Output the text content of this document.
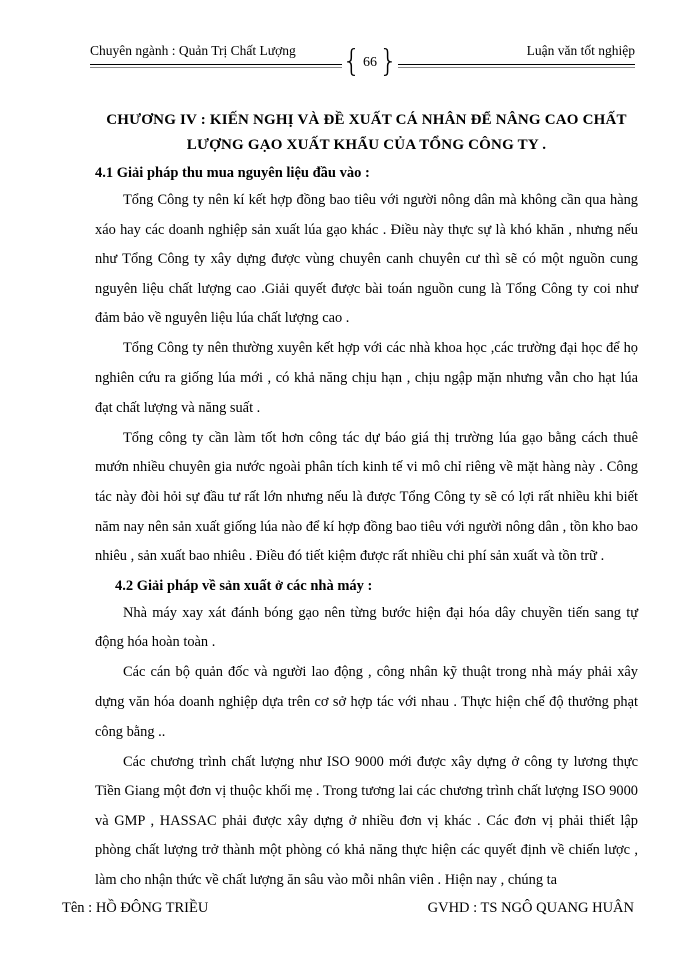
Chuyên ngành : Quản Trị Chất Lượng	Luận văn tốt nghiệp
{ 66 }
CHƯƠNG IV : KIẾN NGHỊ VÀ ĐỀ XUẤT CÁ NHÂN ĐỂ NÂNG CAO CHẤT
LƯỢNG GẠO XUẤT KHẨU CỦA TỔNG CÔNG TY .
4.1 Giải pháp thu mua nguyên liệu đầu vào :

Tổng Công ty nên kí kết hợp đồng bao tiêu với người nông dân mà không cần qua hàng xáo hay các doanh nghiệp sản xuất lúa gạo khác . Điều này thực sự là khó khăn , nhưng nếu như Tổng Công ty xây dựng được vùng chuyên canh chuyên cư thì sẽ có một nguồn cung nguyên liệu chất lượng cao .Giải quyết được bài toán nguồn cung là Tổng Công ty coi như đảm bảo về nguyên liệu lúa chất lượng cao .

Tổng Công ty nên thường xuyên kết hợp với các nhà khoa học ,các trường đại học để họ nghiên cứu ra giống lúa mới , có khả năng chịu hạn , chịu ngập mặn nhưng vẫn cho hạt lúa đạt chất lượng và năng suất .

Tổng công ty cần làm tốt hơn công tác dự báo giá thị trường lúa gạo bằng cách thuê mướn nhiều chuyên gia nước ngoài phân tích kinh tế vi mô chỉ riêng về mặt hàng này . Công tác này đòi hỏi sự đầu tư rất lớn nhưng nếu là được Tổng Công ty sẽ có lợi rất nhiều khi biết năm nay nên sản xuất giống lúa nào để kí hợp đồng bao tiêu với người nông dân , tồn kho bao nhiêu , sản xuất bao nhiêu . Điều đó tiết kiệm được rất nhiều chi phí sản xuất và tồn trữ .

4.2 Giải pháp về sản xuất ở các nhà máy :

Nhà máy xay xát đánh bóng gạo nên từng bước hiện đại hóa dây chuyền tiến sang tự động hóa hoàn toàn .

Các cán bộ quản đốc và người lao động , công nhân kỹ thuật trong nhà máy phải xây dựng văn hóa doanh nghiệp dựa trên cơ sở hợp tác với nhau . Thực hiện chế độ thưởng phạt công bằng ..

Các chương trình chất lượng như ISO 9000 mới được xây dựng ở công ty lương thực Tiền Giang một đơn vị thuộc khối mẹ . Trong tương lai các chương trình chất lượng ISO 9000 và GMP , HASSAC phải được xây dựng ở nhiều đơn vị khác . Các đơn vị phải thiết lập phòng chất lượng trở thành một phòng có khả năng thực hiện các quyết định về chiến lược , làm cho nhận thức về chất lượng ăn sâu vào mỗi nhân viên . Hiện nay , chúng ta

Tên : HỒ ĐÔNG TRIỀU	GVHD : TS NGÔ QUANG HUÂN
